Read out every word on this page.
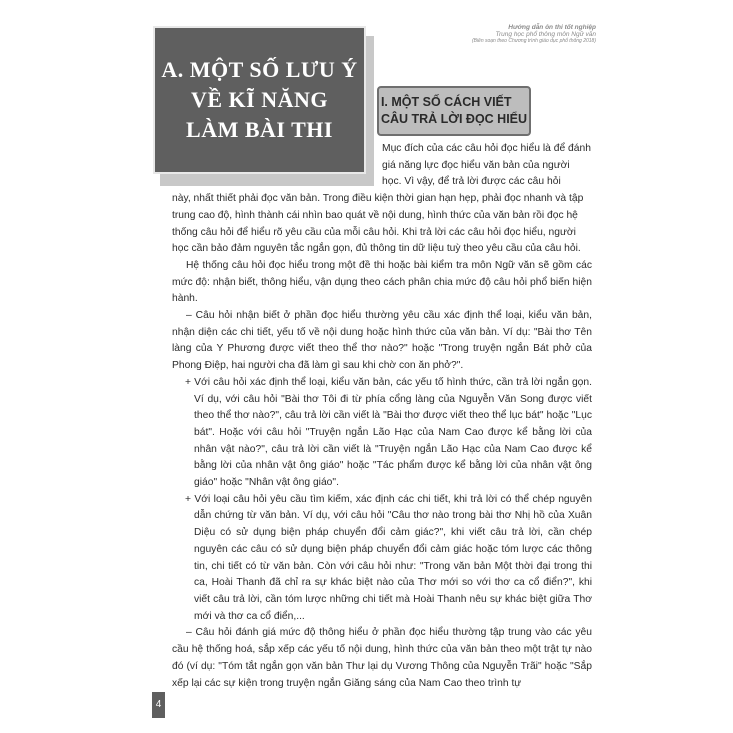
Hướng dẫn ôn thi tốt nghiệp
Trung học phổ thông môn Ngữ văn
(Biên soạn theo Chương trình giáo dục phổ thông 2018)
A. MỘT SỐ LƯU Ý
VỀ KĨ NĂNG
LÀM BÀI THI
I. MỘT SỐ CÁCH VIẾT
CÂU TRẢ LỜI ĐỌC HIỂU

Mục đích của các câu hỏi đọc hiểu là để đánh giá năng lực đọc hiểu văn bản của người học. Vì vậy, để trả lời được các câu hỏi

này, nhất thiết phải đọc văn bản. Trong điều kiện thời gian hạn hẹp, phải đọc nhanh và tập trung cao độ, hình thành cái nhìn bao quát về nội dung, hình thức của văn bản rồi đọc hệ thống câu hỏi để hiểu rõ yêu cầu của mỗi câu hỏi. Khi trả lời các câu hỏi đọc hiểu, người học cần bảo đảm nguyên tắc ngắn gọn, đủ thông tin dữ liệu tuỳ theo yêu cầu của câu hỏi.

Hệ thống câu hỏi đọc hiểu trong một đề thi hoặc bài kiểm tra môn Ngữ văn sẽ gồm các mức độ: nhận biết, thông hiểu, vận dụng theo cách phân chia mức độ câu hỏi phổ biến hiện hành.

– Câu hỏi nhận biết ở phần đọc hiểu thường yêu cầu xác định thể loại, kiểu văn bản, nhận diện các chi tiết, yếu tố về nội dung hoặc hình thức của văn bản. Ví dụ: "Bài thơ Tên làng của Y Phương được viết theo thể thơ nào?" hoặc "Trong truyện ngắn Bát phở của Phong Điệp, hai người cha đã làm gì sau khi chờ con ăn phở?".

+ Với câu hỏi xác định thể loại, kiểu văn bản, các yếu tố hình thức, cần trả lời ngắn gọn. Ví dụ, với câu hỏi "Bài thơ Tôi đi từ phía cổng làng của Nguyễn Văn Song được viết theo thể thơ nào?", câu trả lời cần viết là "Bài thơ được viết theo thể lục bát" hoặc "Lục bát". Hoặc với câu hỏi "Truyện ngắn Lão Hạc của Nam Cao được kể bằng lời của nhân vật nào?", câu trả lời cần viết là "Truyện ngắn Lão Hạc của Nam Cao được kể bằng lời của nhân vật ông giáo" hoặc "Tác phẩm được kể bằng lời của nhân vật ông giáo" hoặc "Nhân vật ông giáo".

+ Với loại câu hỏi yêu cầu tìm kiếm, xác định các chi tiết, khi trả lời có thể chép nguyên dẫn chứng từ văn bản. Ví dụ, với câu hỏi "Câu thơ nào trong bài thơ Nhị hồ của Xuân Diệu có sử dụng biện pháp chuyển đổi cảm giác?", khi viết câu trả lời, cần chép nguyên các câu có sử dụng biện pháp chuyển đổi cảm giác hoặc tóm lược các thông tin, chi tiết có từ văn bản. Còn với câu hỏi như: "Trong văn bản Một thời đại trong thi ca, Hoài Thanh đã chỉ ra sự khác biệt nào của Thơ mới so với thơ ca cổ điển?", khi viết câu trả lời, cần tóm lược những chi tiết mà Hoài Thanh nêu sự khác biệt giữa Thơ mới và thơ ca cổ điển,...

– Câu hỏi đánh giá mức độ thông hiểu ở phần đọc hiểu thường tập trung vào các yêu cầu hệ thống hoá, sắp xếp các yếu tố nội dung, hình thức của văn bản theo một trật tự nào đó (ví dụ: "Tóm tắt ngắn gọn văn bản Thư lại dụ Vương Thông của Nguyễn Trãi" hoặc "Sắp xếp lại các sự kiện trong truyện ngắn Giăng sáng của Nam Cao theo trình tự

4
